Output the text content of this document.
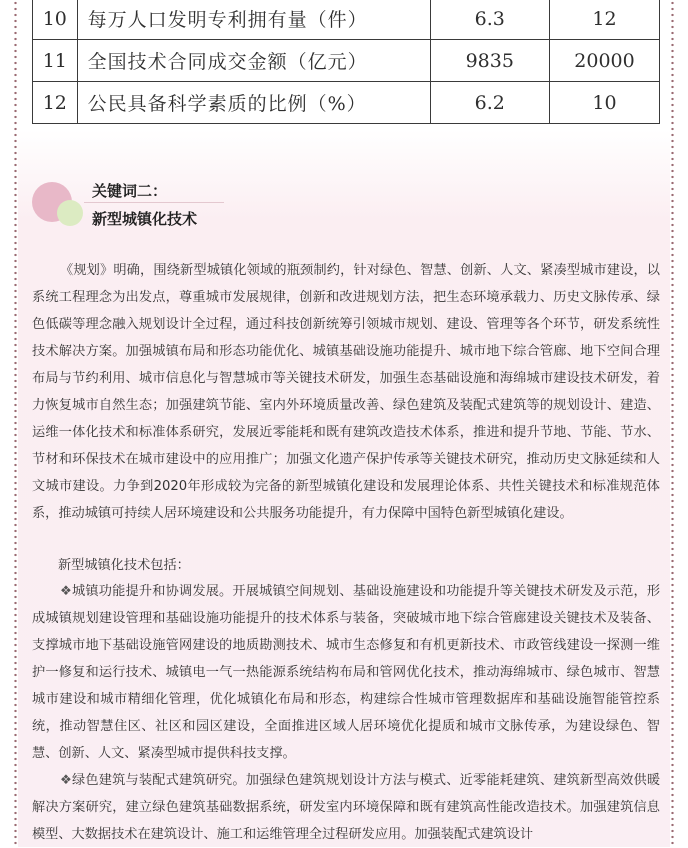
10	每万人口发明专利拥有量（件）	6.3	12
11	全国技术合同成交金额（亿元）	9835	20000
12	公民具备科学素质的比例（%）	6.2	10
关键词二：
新型城镇化技术
《规划》明确，围绕新型城镇化领域的瓶颈制约，针对绿色、智慧、创新、人文、紧凑型城市建设，以系统工程理念为出发点，尊重城市发展规律，创新和改进规划方法，把生态环境承载力、历史文脉传承、绿色低碳等理念融入规划设计全过程，通过科技创新统筹引领城市规划、建设、管理等各个环节，研发系统性技术解决方案。加强城镇布局和形态功能优化、城镇基础设施功能提升、城市地下综合管廊、地下空间合理布局与节约利用、城市信息化与智慧城市等关键技术研发，加强生态基础设施和海绵城市建设技术研发，着力恢复城市自然生态；加强建筑节能、室内外环境质量改善、绿色建筑及装配式建筑等的规划设计、建造、运维一体化技术和标准体系研究，发展近零能耗和既有建筑改造技术体系，推进和提升节地、节能、节水、节材和环保技术在城市建设中的应用推广；加强文化遗产保护传承等关键技术研究，推动历史文脉延续和人文城市建设。力争到2020年形成较为完备的新型城镇化建设和发展理论体系、共性关键技术和标准规范体系，推动城镇可持续人居环境建设和公共服务功能提升，有力保障中国特色新型城镇化建设。
新型城镇化技术包括：
❖城镇功能提升和协调发展。开展城镇空间规划、基础设施建设和功能提升等关键技术研发及示范，形成城镇规划建设管理和基础设施功能提升的技术体系与装备，突破城市地下综合管廊建设关键技术及装备、支撑城市地下基础设施管网建设的地质勘测技术、城市生态修复和有机更新技术、市政管线建设一探测一维护一修复和运行技术、城镇电一气一热能源系统结构布局和管网优化技术，推动海绵城市、绿色城市、智慧城市建设和城市精细化管理，优化城镇化布局和形态，构建综合性城市管理数据库和基础设施智能管控系统，推动智慧住区、社区和园区建设，全面推进区域人居环境优化提质和城市文脉传承，为建设绿色、智慧、创新、人文、紧凑型城市提供科技支撑。
❖绿色建筑与装配式建筑研究。加强绿色建筑规划设计方法与模式、近零能耗建筑、建筑新型高效供暖解决方案研究，建立绿色建筑基础数据系统，研发室内环境保障和既有建筑高性能改造技术。加强建筑信息模型、大数据技术在建筑设计、施工和运维管理全过程研发应用。加强装配式建筑设计
